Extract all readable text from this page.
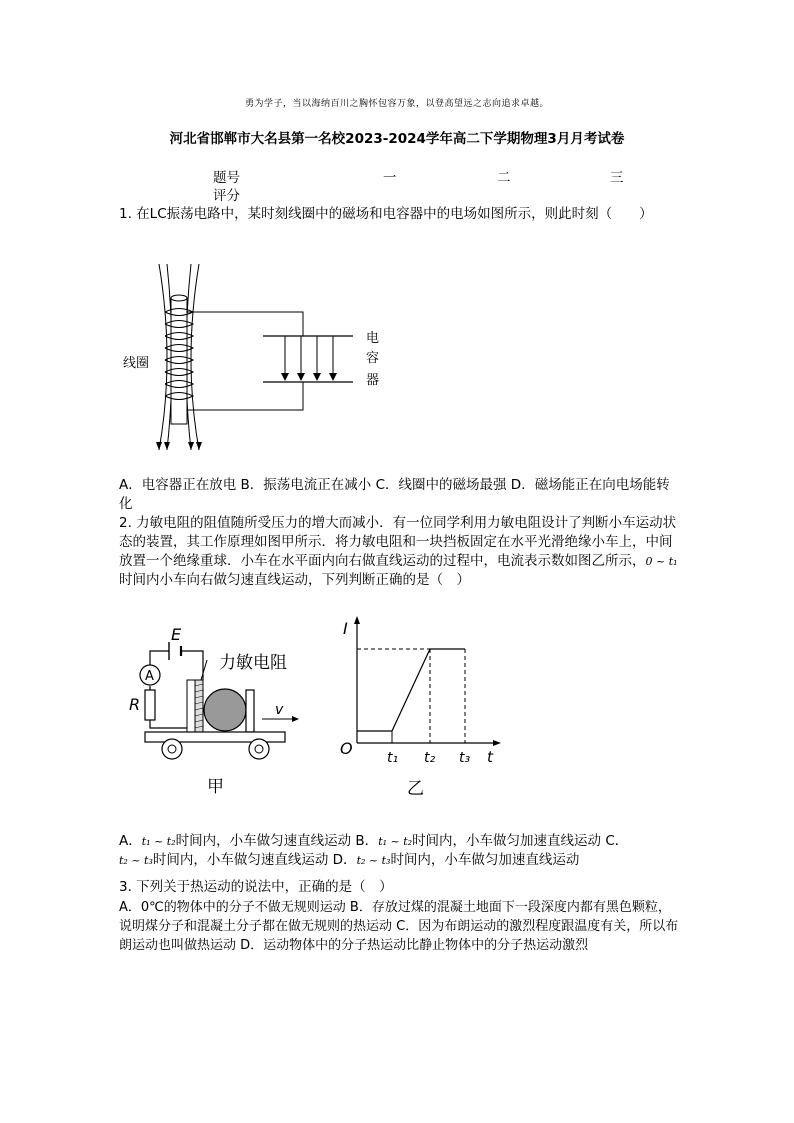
勇为学子，当以海纳百川之胸怀包容万象，以登高望远之志向追求卓越。
河北省邯郸市大名县第一名校2023-2024学年高二下学期物理3月月考试卷
题号	一	二	三
评分
1. 在LC振荡电路中，某时刻线圈中的磁场和电容器中的电场如图所示，则此时刻（　　）
线圈
电
容
器
A．电容器正在放电 B．振荡电流正在减小 C．线圈中的磁场最强 D．磁场能正在向电场能转化
2. 力敏电阻的阻值随所受压力的增大而减小．有一位同学利用力敏电阻设计了判断小车运动状态的装置，其工作原理如图甲所示．将力敏电阻和一块挡板固定在水平光滑绝缘小车上，中间放置一个绝缘重球．小车在水平面内向右做直线运动的过程中，电流表示数如图乙所示，0 ~ t₁时间内小车向右做匀速直线运动，下列判断正确的是（　）
E
A
R
力敏电阻
v
甲
I
O	t
t₁ t₂ t₃
乙
A．t₁ ~ t₂时间内，小车做匀速直线运动 B．t₁ ~ t₂时间内，小车做匀加速直线运动 C．
t₂ ~ t₃时间内，小车做匀速直线运动 D．t₂ ~ t₃时间内，小车做匀加速直线运动
3. 下列关于热运动的说法中，正确的是（　）
A．0℃的物体中的分子不做无规则运动 B．存放过煤的混凝土地面下一段深度内都有黑色颗粒，说明煤分子和混凝土分子都在做无规则的热运动 C．因为布朗运动的激烈程度跟温度有关，所以布朗运动也叫做热运动 D．运动物体中的分子热运动比静止物体中的分子热运动激烈
